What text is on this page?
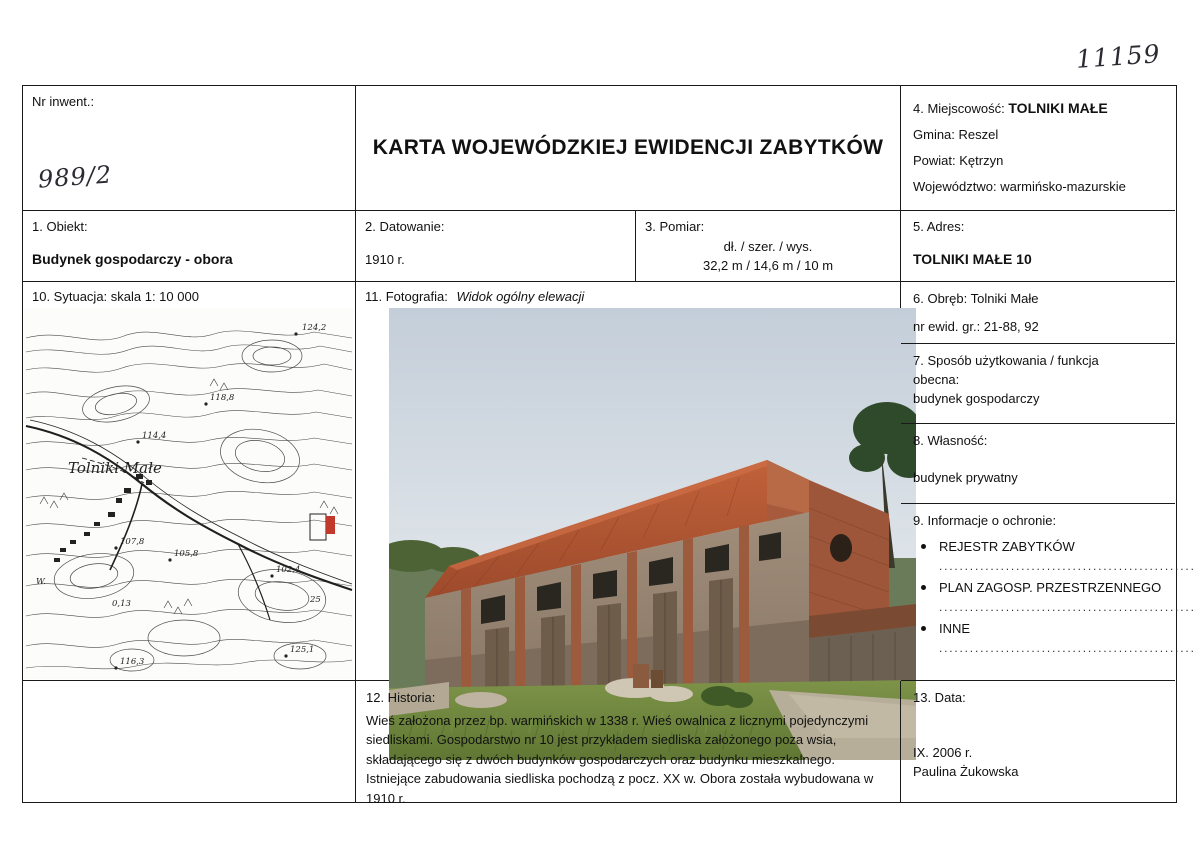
11159
Nr inwent.:
989/2
KARTA WOJEWÓDZKIEJ EWIDENCJI ZABYTKÓW
4. Miejscowość: TOLNIKI MAŁE
Gmina: Reszel
Powiat: Kętrzyn
Województwo: warmińsko-mazurskie
1. Obiekt:
Budynek gospodarczy - obora
2. Datowanie:
1910 r.
3. Pomiar:
dł. / szer. / wys.
32,2 m / 14,6 m / 10 m
5. Adres:
TOLNIKI MAŁE 10
10. Sytuacja: skala 1: 10 000
124,2
118,8
114,4
107,8
105,8
102,4
0,13	25
116,3
125,1
W.
Tolniki Małe
11. Fotografia: Widok ogólny elewacji	6. Obręb: Tolniki Małe
nr ewid. gr.: 21-88, 92
7. Sposób użytkowania / funkcja
obecna:
budynek gospodarczy
8. Własność:
budynek prywatny
9. Informacje o ochronie:
REJESTR ZABYTKÓW
..................................................
PLAN ZAGOSP. PRZESTRZENNEGO
..................................................
INNE
..................................................
12. Historia:
Wieś założona przez bp. warmińskich w 1338 r. Wieś owalnica z licznymi pojedynczymi siedliskami. Gospodarstwo nr 10 jest przykładem siedliska założonego poza wsia, składającego się z dwóch budynków gospodarczych oraz budynku mieszkalnego. Istniejące zabudowania siedliska pochodzą z pocz. XX w. Obora została wybudowana w 1910 r.
13. Data:
IX. 2006 r.
Paulina Żukowska
